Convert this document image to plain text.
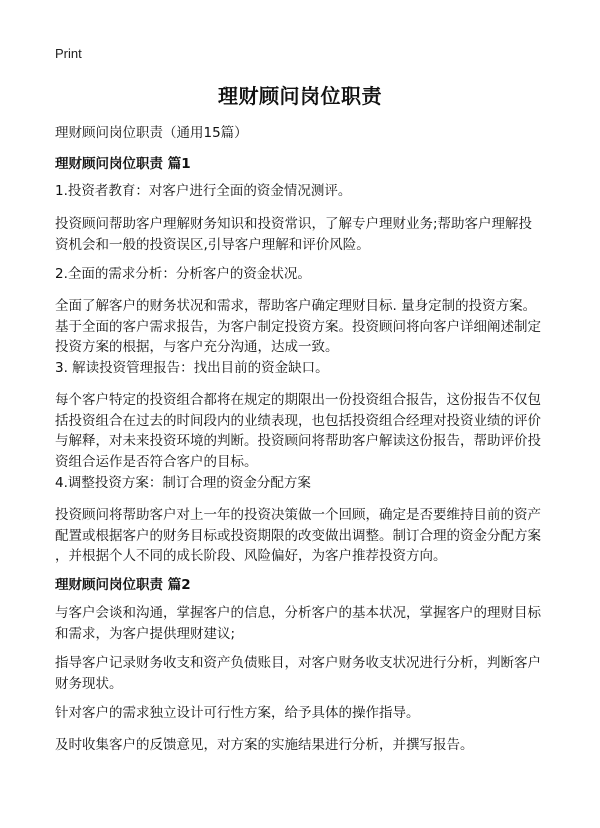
Print
理财顾问岗位职责
理财顾问岗位职责（通用15篇）
理财顾问岗位职责 篇1
1.投资者教育：对客户进行全面的资金情况测评。
投资顾问帮助客户理解财务知识和投资常识，了解专户理财业务;帮助客户理解投
资机会和一般的投资误区,引导客户理解和评价风险。
2.全面的需求分析：分析客户的资金状况。
全面了解客户的财务状况和需求，帮助客户确定理财目标. 量身定制的投资方案。
基于全面的客户需求报告，为客户制定投资方案。投资顾问将向客户详细阐述制定
投资方案的根据，与客户充分沟通，达成一致。
3. 解读投资管理报告：找出目前的资金缺口。
每个客户特定的投资组合都将在规定的期限出一份投资组合报告，这份报告不仅包
括投资组合在过去的时间段内的业绩表现，也包括投资组合经理对投资业绩的评价
与解释，对未来投资环境的判断。投资顾问将帮助客户解读这份报告，帮助评价投
资组合运作是否符合客户的目标。
4.调整投资方案：制订合理的资金分配方案
投资顾问将帮助客户对上一年的投资决策做一个回顾，确定是否要维持目前的资产
配置或根据客户的财务目标或投资期限的改变做出调整。制订合理的资金分配方案
，并根据个人不同的成长阶段、风险偏好，为客户推荐投资方向。
理财顾问岗位职责 篇2
与客户会谈和沟通，掌握客户的信息，分析客户的基本状况，掌握客户的理财目标
和需求，为客户提供理财建议;
指导客户记录财务收支和资产负债账目，对客户财务收支状况进行分析，判断客户
财务现状。
针对客户的需求独立设计可行性方案，给予具体的操作指导。
及时收集客户的反馈意见，对方案的实施结果进行分析，并撰写报告。
